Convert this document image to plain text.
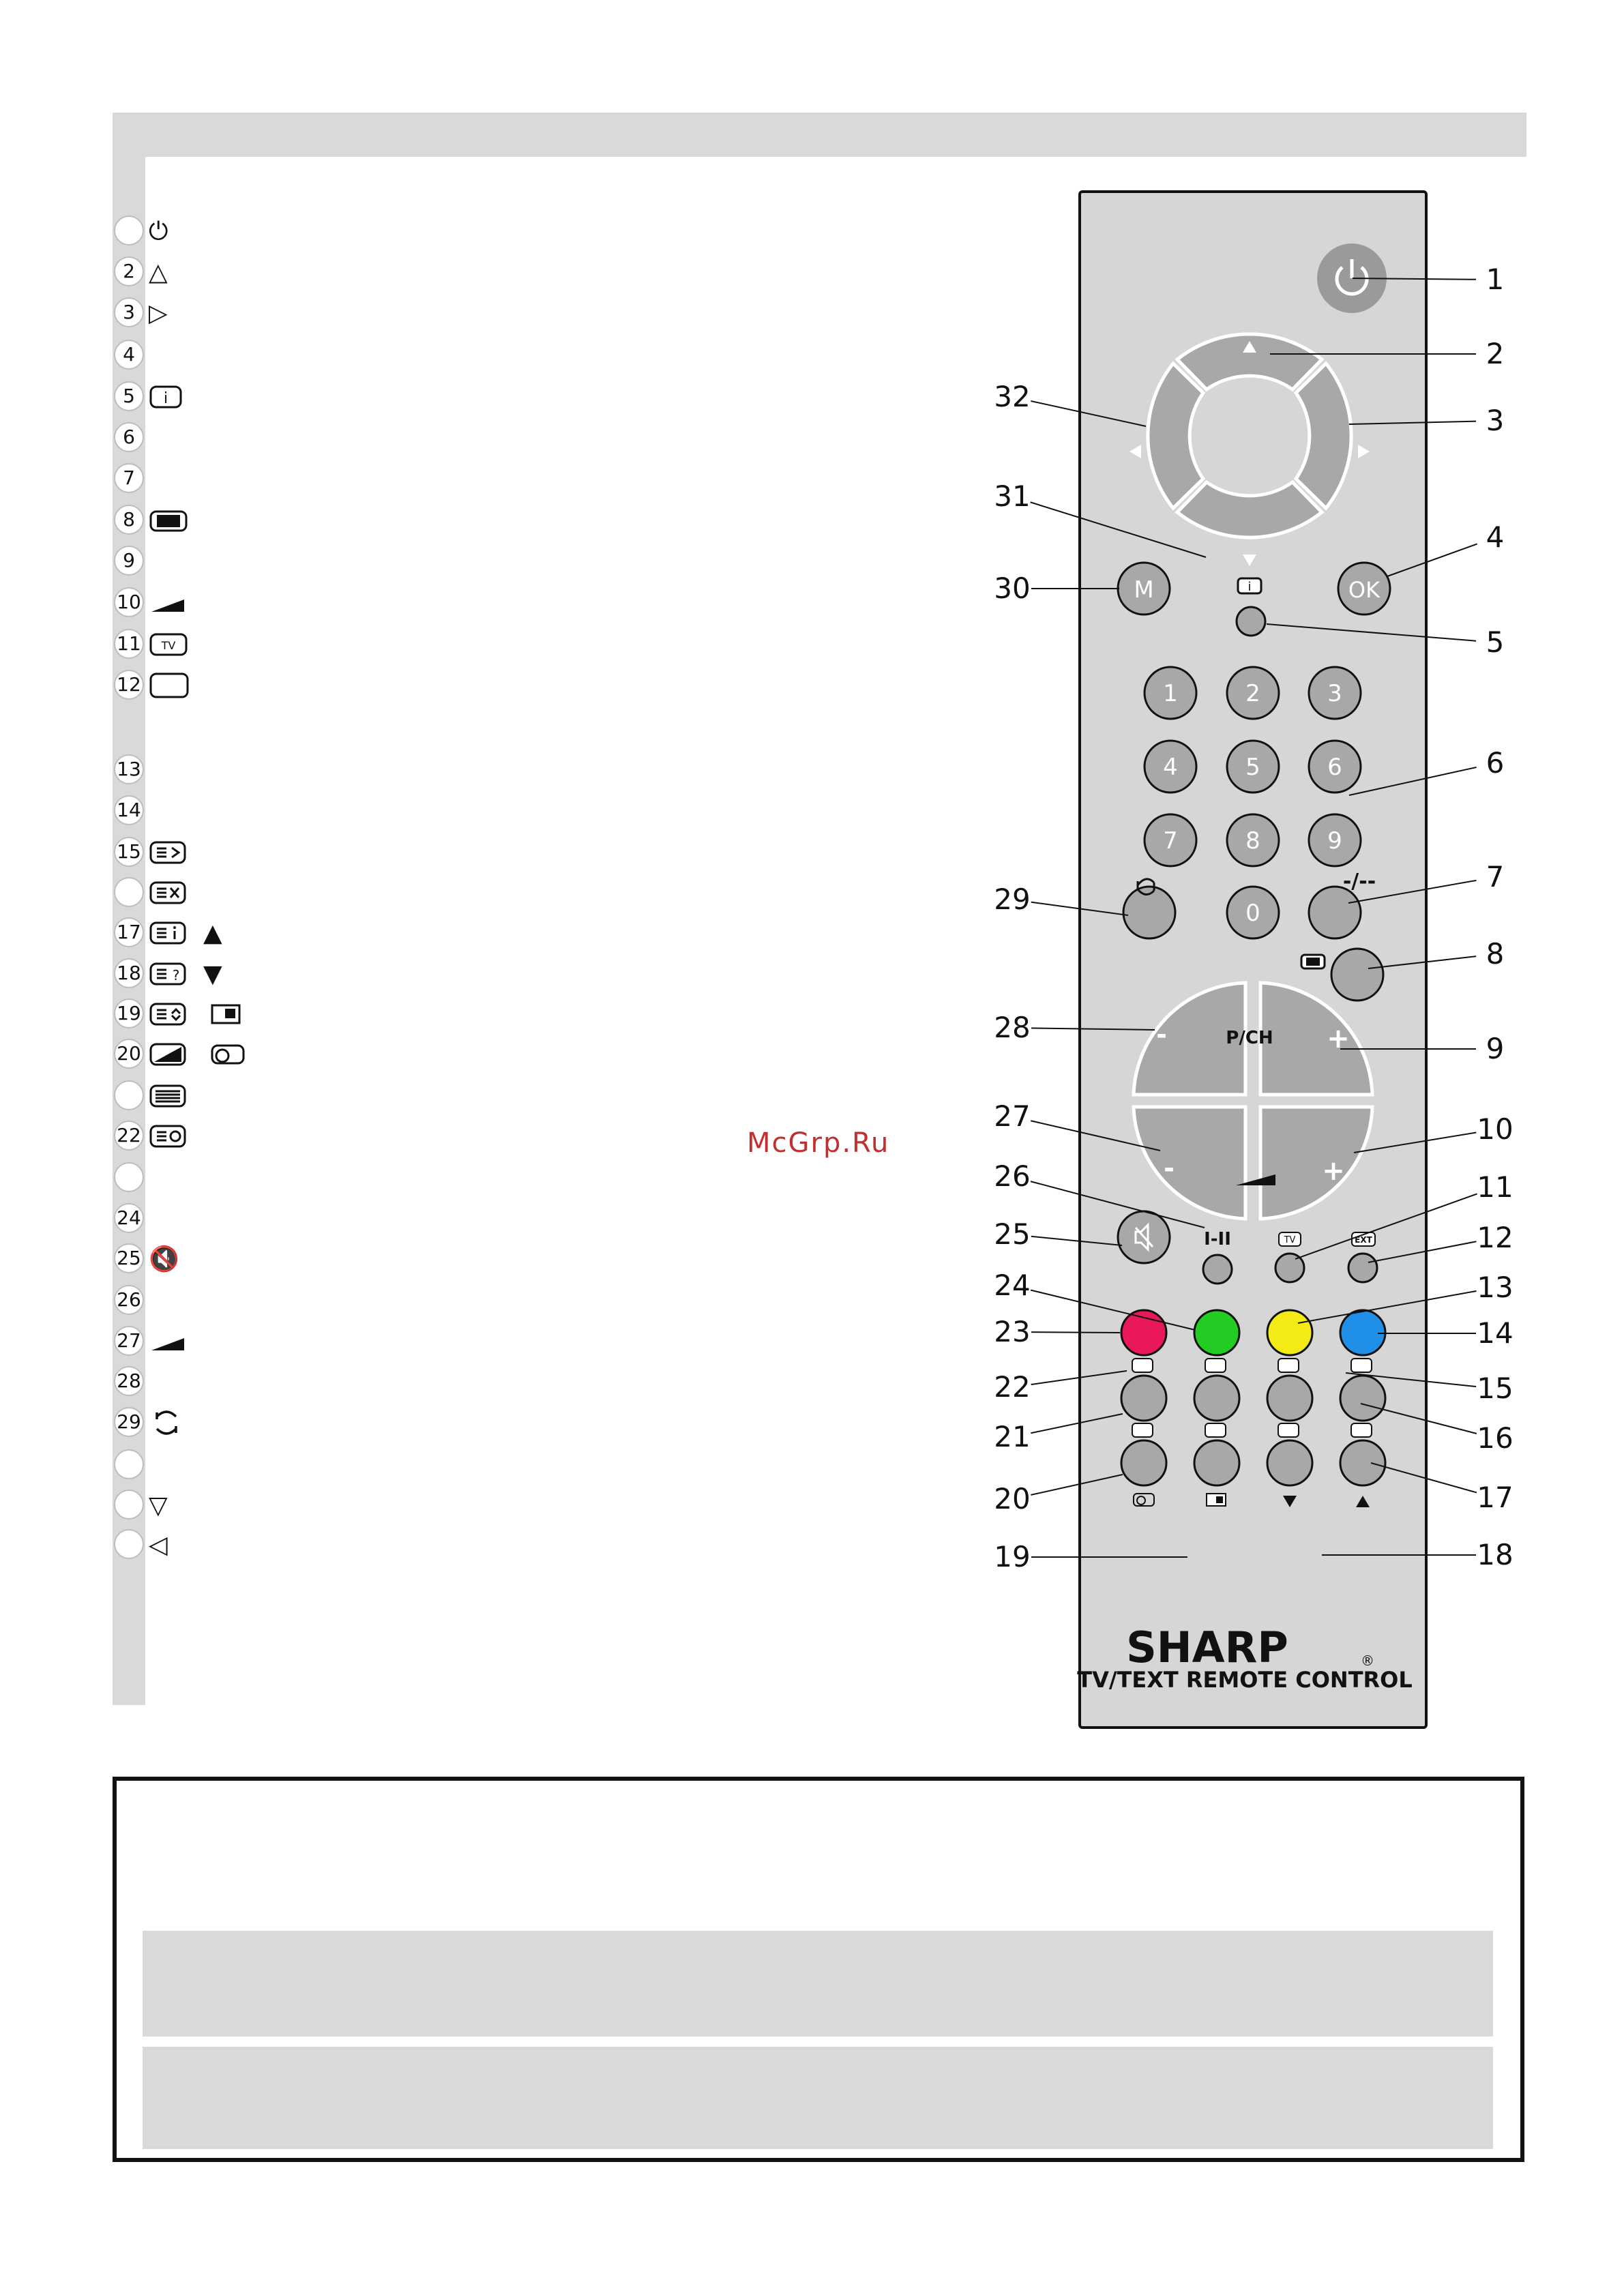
⏻
2 △
3 ▷
4
5	i
6
7
8
9
10
11 TV
12
13
14
15
17	▲
18 ? ▼
19
20
22
24
25 🔇
26
27
28
29
▽
◁
McGrp.Ru
M	OK
i
1	2	3
4	5	6
7	8	9
0
-/--
P/CH
-	+
-	+
I-II	TV	EXT
SHARP	®
TV/TEXT REMOTE CONTROL
1
2
3
4
5
6
7
8
9
10
11
12
13
14
15
16
17
18
19
20
21
22
23
24
25
26
27
28
29
30
31
32
